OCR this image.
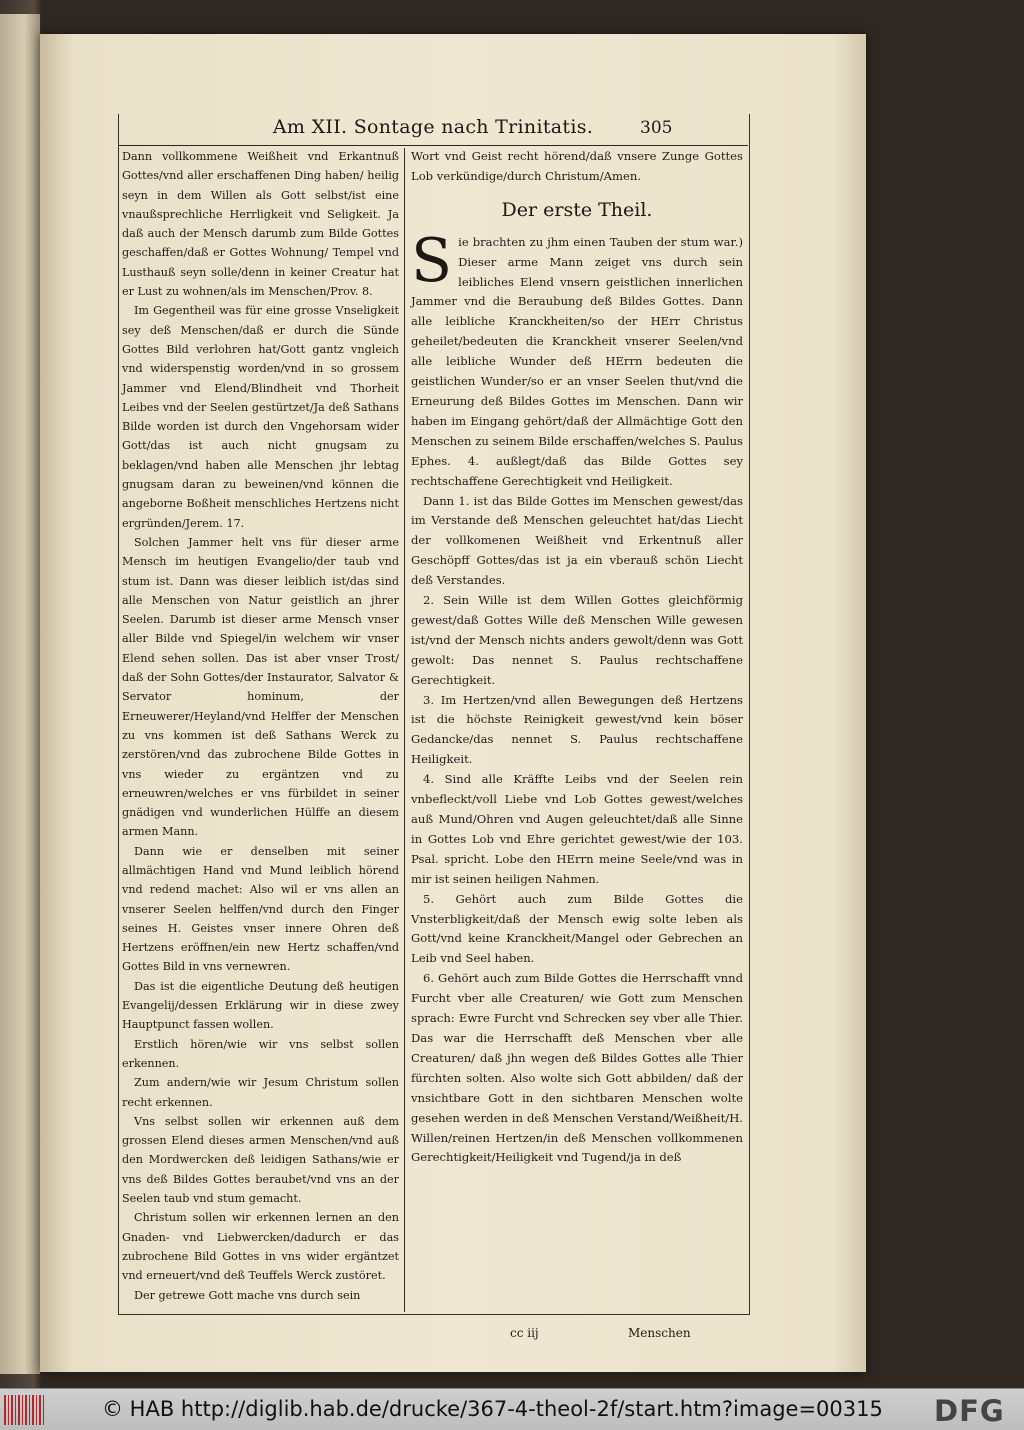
Am XII. Sontage nach Trinitatis.	305

Dann vollkommene Weißheit vnd Erkantnuß Gottes/vnd aller erschaffenen Ding haben/ heilig seyn in dem Willen als Gott selbst/ist eine vnaußsprechliche Herrligkeit vnd Seligkeit. Ja daß auch der Mensch darumb zum Bilde Gottes geschaffen/daß er Gottes Wohnung/ Tempel vnd Lusthauß seyn solle/denn in keiner Creatur hat er Lust zu wohnen/als im Menschen/Prov. 8.

Im Gegentheil was für eine grosse Vnseligkeit sey deß Menschen/daß er durch die Sünde Gottes Bild verlohren hat/Gott gantz vngleich vnd widerspenstig worden/vnd in so grossem Jammer vnd Elend/Blindheit vnd Thorheit Leibes vnd der Seelen gestürtzet/Ja deß Sathans Bilde worden ist durch den Vngehorsam wider Gott/das ist auch nicht gnugsam zu beklagen/vnd haben alle Menschen jhr lebtag gnugsam daran zu beweinen/vnd können die angeborne Boßheit menschliches Hertzens nicht ergründen/Jerem. 17.

Solchen Jammer helt vns für dieser arme Mensch im heutigen Evangelio/der taub vnd stum ist. Dann was dieser leiblich ist/das sind alle Menschen von Natur geistlich an jhrer Seelen. Darumb ist dieser arme Mensch vnser aller Bilde vnd Spiegel/in welchem wir vnser Elend sehen sollen. Das ist aber vnser Trost/ daß der Sohn Gottes/der Instaurator, Salvator & Servator hominum, der Erneuwerer/Heyland/vnd Helffer der Menschen zu vns kommen ist deß Sathans Werck zu zerstören/vnd das zubrochene Bilde Gottes in vns wieder zu ergäntzen vnd zu erneuwren/welches er vns fürbildet in seiner gnädigen vnd wunderlichen Hülffe an diesem armen Mann.

Dann wie er denselben mit seiner allmächtigen Hand vnd Mund leiblich hörend vnd redend machet: Also wil er vns allen an vnserer Seelen helffen/vnd durch den Finger seines H. Geistes vnser innere Ohren deß Hertzens eröffnen/ein new Hertz schaffen/vnd Gottes Bild in vns vernewren.

Das ist die eigentliche Deutung deß heutigen Evangelij/dessen Erklärung wir in diese zwey Hauptpunct fassen wollen.

Erstlich hören/wie wir vns selbst sollen erkennen.

Zum andern/wie wir Jesum Christum sollen recht erkennen.

Vns selbst sollen wir erkennen auß dem grossen Elend dieses armen Menschen/vnd auß den Mordwercken deß leidigen Sathans/wie er vns deß Bildes Gottes beraubet/vnd vns an der Seelen taub vnd stum gemacht.

Christum sollen wir erkennen lernen an den Gnaden- vnd Liebwercken/dadurch er das zubrochene Bild Gottes in vns wider ergäntzet vnd erneuert/vnd deß Teuffels Werck zustöret.

Der getrewe Gott mache vns durch sein

Wort vnd Geist recht hörend/daß vnsere Zunge Gottes Lob verkündige/durch Christum/Amen.

Der erste Theil.

Sie brachten zu jhm einen Tauben der stum war.) Dieser arme Mann zeiget vns durch sein leibliches Elend vnsern geistlichen innerlichen Jammer vnd die Beraubung deß Bildes Gottes. Dann alle leibliche Kranckheiten/so der HErr Christus geheilet/bedeuten die Kranckheit vnserer Seelen/vnd alle leibliche Wunder deß HErrn bedeuten die geistlichen Wunder/so er an vnser Seelen thut/vnd die Erneurung deß Bildes Gottes im Menschen. Dann wir haben im Eingang gehört/daß der Allmächtige Gott den Menschen zu seinem Bilde erschaffen/welches S. Paulus Ephes. 4. außlegt/daß das Bilde Gottes sey rechtschaffene Gerechtigkeit vnd Heiligkeit.

Dann 1. ist das Bilde Gottes im Menschen gewest/das im Verstande deß Menschen geleuchtet hat/das Liecht der vollkomenen Weißheit vnd Erkentnuß aller Geschöpff Gottes/das ist ja ein vberauß schön Liecht deß Verstandes.

2. Sein Wille ist dem Willen Gottes gleichförmig gewest/daß Gottes Wille deß Menschen Wille gewesen ist/vnd der Mensch nichts anders gewolt/denn was Gott gewolt: Das nennet S. Paulus rechtschaffene Gerechtigkeit.

3. Im Hertzen/vnd allen Bewegungen deß Hertzens ist die höchste Reinigkeit gewest/vnd kein böser Gedancke/das nennet S. Paulus rechtschaffene Heiligkeit.

4. Sind alle Kräffte Leibs vnd der Seelen rein vnbefleckt/voll Liebe vnd Lob Gottes gewest/welches auß Mund/Ohren vnd Augen geleuchtet/daß alle Sinne in Gottes Lob vnd Ehre gerichtet gewest/wie der 103. Psal. spricht. Lobe den HErrn meine Seele/vnd was in mir ist seinen heiligen Nahmen.

5. Gehört auch zum Bilde Gottes die Vnsterbligkeit/daß der Mensch ewig solte leben als Gott/vnd keine Kranckheit/Mangel oder Gebrechen an Leib vnd Seel haben.

6. Gehört auch zum Bilde Gottes die Herrschafft vnnd Furcht vber alle Creaturen/ wie Gott zum Menschen sprach: Ewre Furcht vnd Schrecken sey vber alle Thier. Das war die Herrschafft deß Menschen vber alle Creaturen/ daß jhn wegen deß Bildes Gottes alle Thier fürchten solten. Also wolte sich Gott abbilden/ daß der vnsichtbare Gott in den sichtbaren Menschen wolte gesehen werden in deß Menschen Verstand/Weißheit/H. Willen/reinen Hertzen/in deß Menschen vollkommenen Gerechtigkeit/Heiligkeit vnd Tugend/ja in deß

cc iij	Menschen
© HAB http://diglib.hab.de/drucke/367-4-theol-2f/start.htm?image=00315 DFG
